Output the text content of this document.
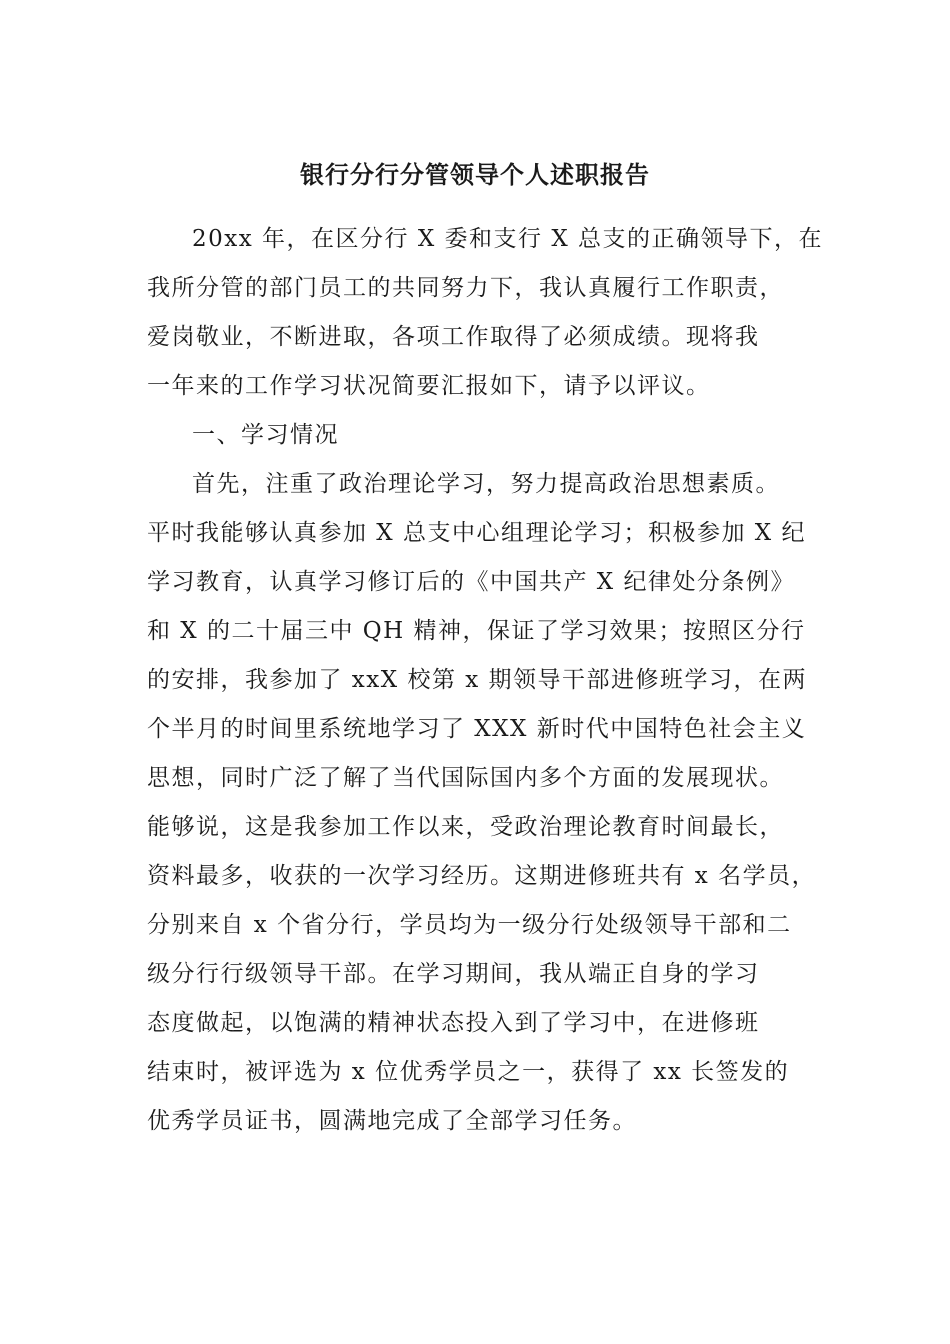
银行分行分管领导个人述职报告
20xx 年，在区分行 X 委和支行 X 总支的正确领导下，在
我所分管的部门员工的共同努力下，我认真履行工作职责，
爱岗敬业，不断进取，各项工作取得了必须成绩。现将我
一年来的工作学习状况简要汇报如下，请予以评议。
一、学习情况
首先，注重了政治理论学习，努力提高政治思想素质。
平时我能够认真参加 X 总支中心组理论学习；积极参加 X 纪
学习教育，认真学习修订后的《中国共产 X 纪律处分条例》
和 X 的二十届三中 QH 精神，保证了学习效果；按照区分行
的安排，我参加了 xxX 校第 x 期领导干部进修班学习，在两
个半月的时间里系统地学习了 XXX 新时代中国特色社会主义
思想，同时广泛了解了当代国际国内多个方面的发展现状。
能够说，这是我参加工作以来，受政治理论教育时间最长，
资料最多，收获的一次学习经历。这期进修班共有 x 名学员，
分别来自 x 个省分行，学员均为一级分行处级领导干部和二
级分行行级领导干部。在学习期间，我从端正自身的学习
态度做起，以饱满的精神状态投入到了学习中，在进修班
结束时，被评选为 x 位优秀学员之一，获得了 xx 长签发的
优秀学员证书，圆满地完成了全部学习任务。
